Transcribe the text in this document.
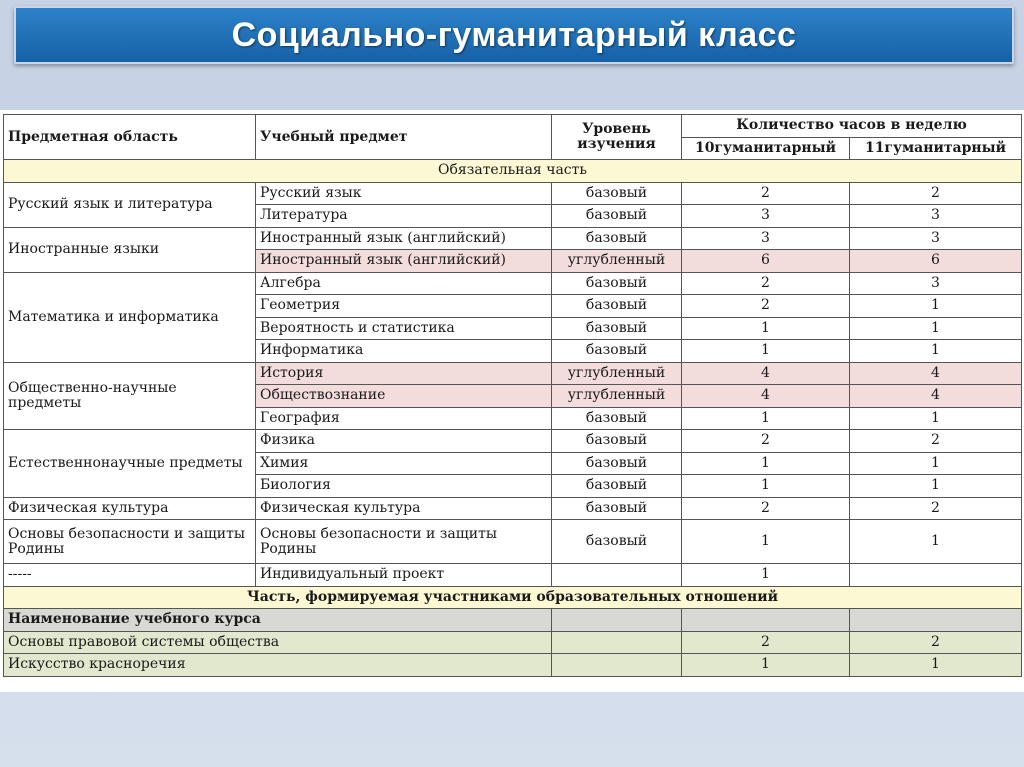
Социально-гуманитарный класс
Предметная область	Учебный предмет	Уровень изучения	Количество часов в неделю	
			10гуманитарный	11гуманитарный
Обязательная часть				
Русский язык и литература	Русский язык	базовый	2	2
	Литература	базовый	3	3
Иностранные языки	Иностранный язык (английский)	базовый	3	3
	Иностранный язык (английский)	углубленный	6	6
Математика и информатика	Алгебра	базовый	2	3
	Геометрия	базовый	2	1
	Вероятность и статистика	базовый	1	1
	Информатика	базовый	1	1
Общественно-научные предметы	История	углубленный	4	4
	Обществознание	углубленный	4	4
	География	базовый	1	1
Естественнонаучные предметы	Физика	базовый	2	2
	Химия	базовый	1	1
	Биология	базовый	1	1
Физическая культура	Физическая культура	базовый	2	2
Основы безопасности и защиты Родины	Основы безопасности и защиты Родины	базовый	1	1
-----	Индивидуальный проект		1	
Часть, формируемая участниками образовательных отношений				
Наименование учебного курса				
Основы правовой системы общества			2	2
Искусство красноречия			1	1
